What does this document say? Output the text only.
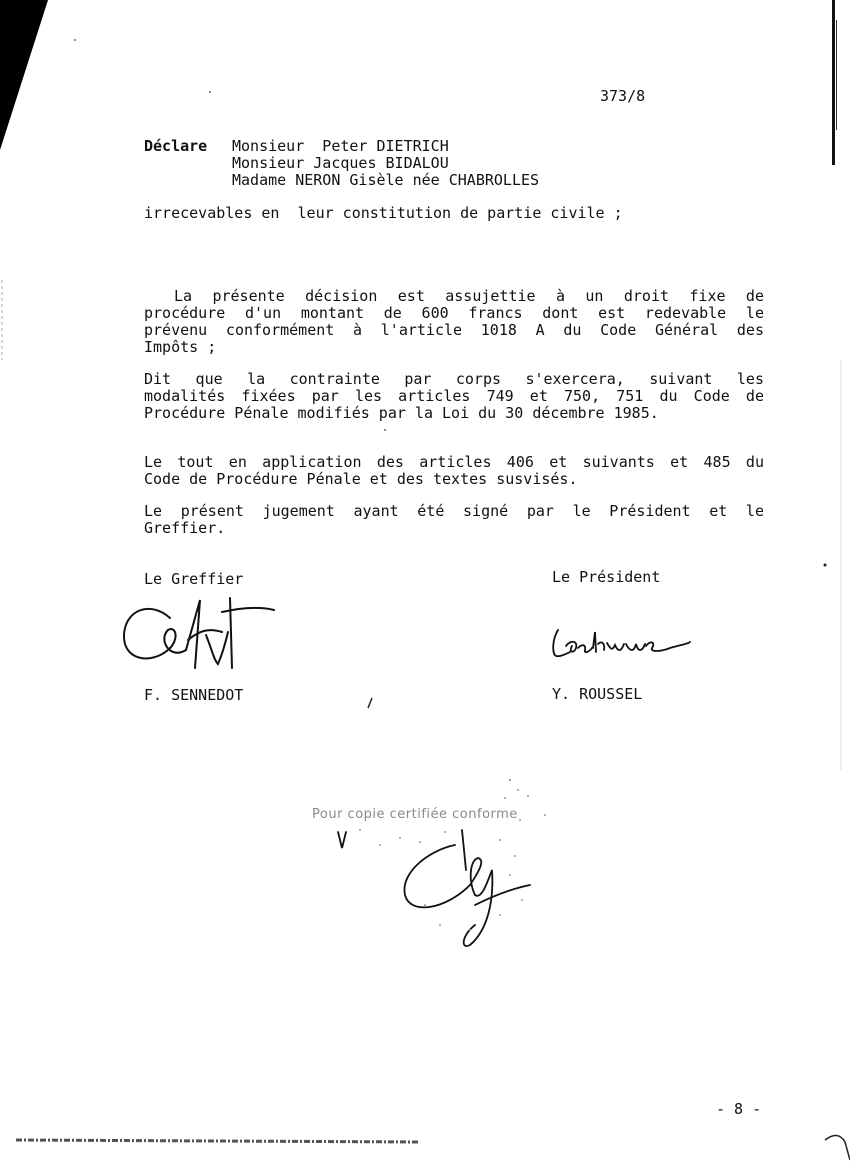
373/8
Déclare Monsieur  Peter DIETRICH
Monsieur Jacques BIDALOU
Madame NERON Gisèle née CHABROLLES
irrecevables en  leur constitution de partie civile ;
La présente décision est assujettie à un droit fixe de
procédure d'un montant de 600 francs dont est redevable le
prévenu conformément à l'article 1018 A du Code Général des
Impôts ;
Dit que la contrainte par corps s'exercera, suivant les
modalités fixées par les articles 749 et 750, 751 du Code de
Procédure Pénale modifiés par la Loi du 30 décembre 1985.
Le tout en application des articles 406 et suivants et 485 du
Code de Procédure Pénale et des textes susvisés.
Le présent jugement ayant été signé par le Président et le
Greffier.
Le Greffier	Le Président
F. SENNEDOT	Y. ROUSSEL
Pour copie certifiée conforme
- 8 -
